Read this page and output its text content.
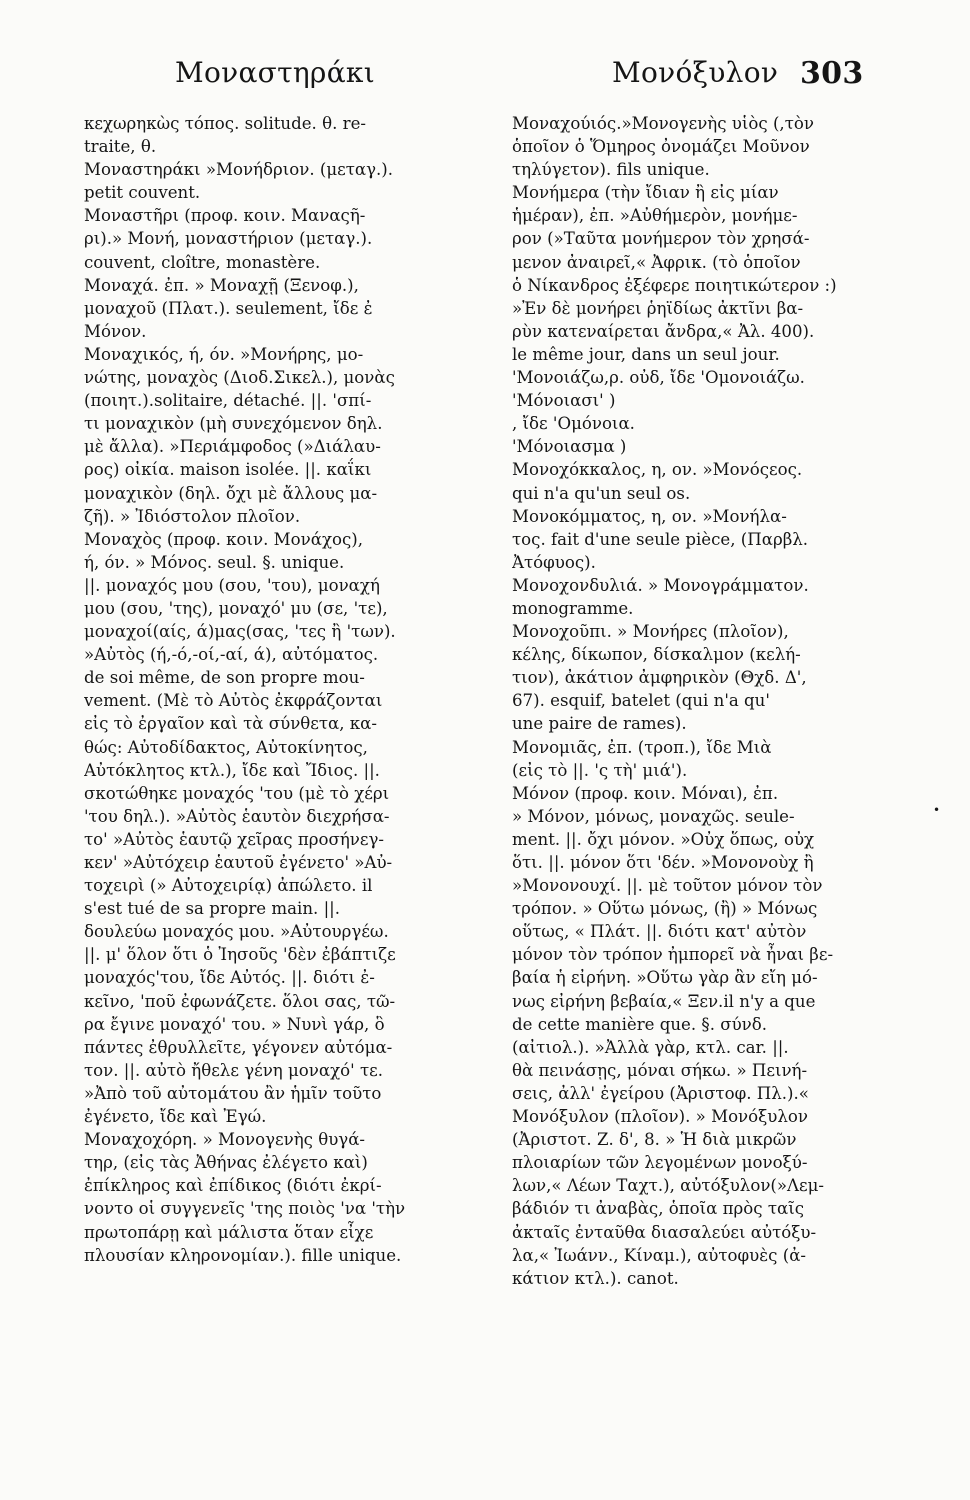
Μοναστηράκι	Μονόξυλον 303
κεχωρηκὼς τόπος. solitude. θ. re-
traite, θ.
Μοναστηράκι »Μονήδριον. (μεταγ.).
petit couvent.
Μοναστῆρι (προφ. κοιν. Μαναςῆ-
ρι).» Μονή, μοναστήριον (μεταγ.).
couvent, cloître, monastère.
Μοναχά. ἐπ. » Μοναχῇ (Ξενοφ.),
μοναχοῦ (Πλατ.). seulement, ἴδε ἐ
Μόνον.
Μοναχικός, ή, όν. »Μονήρης, μο-
νώτης, μοναχὸς (Διοδ.Σικελ.), μονὰς
(ποιητ.).solitaire, détaché. ||. 'σπί-
τι μοναχικὸν (μὴ συνεχόμενον δηλ.
μὲ ἄλλα). »Περιάμφοδος (»Διάλαυ-
ρος) οἰκία. maison isolée. ||. καΐκι
μοναχικὸν (δηλ. ὄχι μὲ ἄλλους μα-
ζῆ). » Ἰδιόστολον πλοῖον.
Μοναχὸς (προφ. κοιν. Μονάχος),
ή, όν. » Μόνος. seul. §. unique.
||. μοναχός μου (σου, 'του), μοναχή
μου (σου, 'της), μοναχό' μυ (σε, 'τε),
μοναχοί(αίς, ά)μας(σας, 'τες ἢ 'των).
»Αὐτὸς (ή,-ό,-οί,-αί, ά), αὐτόματος.
de soi même, de son propre mou-
vement. (Μὲ τὸ Αὐτὸς ἐκφράζονται
εἰς τὸ ἐργαῖον καὶ τὰ σύνθετα, κα-
θώς: Αὐτοδίδακτος, Αὐτοκίνητος,
Αὐτόκλητος κτλ.), ἴδε καὶ Ἴδιος. ||.
σκοτώθηκε μοναχός 'του (μὲ τὸ χέρι
'του δηλ.). »Αὐτὸς ἑαυτὸν διεχρήσα-
το' »Αὐτὸς ἑαυτῷ χεῖρας προσήνεγ-
κεν' »Αὐτόχειρ ἑαυτοῦ ἐγένετο' »Αὐ-
τοχειρὶ (» Αὐτοχειρίᾳ) ἀπώλετο. il
s'est tué de sa propre main. ||.
δουλεύω μοναχός μου. »Αὐτουργέω.
||. μ' ὅλον ὅτι ὁ Ἰησοῦς 'δὲν ἐβάπτιζε
μοναχός'του, ἴδε Αὐτός. ||. διότι ἐ-
κεῖνο, 'ποῦ ἐφωνάζετε. ὅλοι σας, τῶ-
ρα ἔγινε μοναχό' του. » Νυνὶ γάρ, ὃ
πάντες ἐθρυλλεῖτε, γέγονεν αὐτόμα-
τον. ||. αὐτὸ ἤθελε γένη μοναχό' τε.
»Ἀπὸ τοῦ αὐτομάτου ἂν ἡμῖν τοῦτο
ἐγένετο, ἴδε καὶ Ἐγώ.
Μοναχοχόρη. » Μονογενὴς θυγά-
τηρ, (εἰς τὰς Ἀθήνας ἐλέγετο καὶ)
ἐπίκληρος καὶ ἐπίδικος (διότι ἐκρί-
νοντο οἱ συγγενεῖς 'της ποιὸς 'να 'τὴν
πρωτοπάρῃ καὶ μάλιστα ὅταν εἶχε
πλουσίαν κληρονομίαν.). fille unique.
Μοναχούιός.»Μονογενὴς υἱὸς (,τὸν
ὁποῖον ὁ Ὅμηρος ὀνομάζει Μοῦνον
τηλύγετον). fils unique.
Μονήμερα (τὴν ἴδιαν ἢ εἰς μίαν
ἡμέραν), ἐπ. »Αὐθήμερὸν, μονήμε-
ρον (»Ταῦτα μονήμερον τὸν χρησά-
μενον ἀναιρεῖ,« Ἀφρικ. (τὸ ὁποῖον
ὁ Νίκανδρος ἐξέφερε ποιητικώτερον :)
»Ἐν δὲ μονήρει ῥηϊδίως ἀκτῖνι βα-
ρὺν κατεναίρεται ἄνδρα,« Ἀλ. 400).
le même jour, dans un seul jour.
'Μονοιάζω,ρ. οὐδ, ἴδε 'Ομονοιάζω.
'Μόνοιασι' )
, ἴδε 'Ομόνοια.
'Μόνοιασμα )
Μονοχόκκαλος, η, ον. »Μονόςεος.
qui n'a qu'un seul os.
Μονοκόμματος, η, ον. »Μονήλα-
τος. fait d'une seule pièce, (Παρβλ.
Ἀτόφυος).
Μονοχονδυλιά. » Μονογράμματον.
monogramme.
Μονοχοῦπι. » Μονήρες (πλοῖον),
κέλης, δίκωπον, δίσκαλμον (κελή-
τιον), ἀκάτιον ἀμφηρικὸν (Θχδ. Δ',
67). esquif, batelet (qui n'a qu'
une paire de rames).
Μονομιᾶς, ἐπ. (τροπ.), ἴδε Μιὰ
(εἰς τὸ ||. 'ς τὴ' μιά').
Μόνον (προφ. κοιν. Μόναι), ἐπ.
» Μόνον, μόνως, μοναχῶς. seule-
ment. ||. ὄχι μόνον. »Οὐχ ὅπως, οὐχ
ὅτι. ||. μόνον ὅτι 'δέν. »Μονονοὺχ ἢ
»Μονονουχί. ||. μὲ τοῦτον μόνον τὸν
τρόπον. » Οὕτω μόνως, (ἢ) » Μόνως
οὕτως, « Πλάτ. ||. διότι κατ' αὐτὸν
μόνον τὸν τρόπον ἠμπορεῖ νὰ ἦναι βε-
βαία ἡ εἰρήνη. »Οὕτω γὰρ ἂν εἴη μό-
νως εἰρήνη βεβαία,« Ξεν.il n'y a que
de cette manière que. §. σύνδ.
(αἰτιολ.). »Ἀλλὰ γὰρ, κτλ. car. ||.
θὰ πεινάσῃς, μόναι σήκω. » Πεινή-
σεις, ἀλλ' ἐγείρου (Ἀριστοφ. Πλ.).«
Μονόξυλον (πλοῖον). » Μονόξυλον
(Ἀριστοτ. Ζ. δ', 8. » Ἡ διὰ μικρῶν
πλοιαρίων τῶν λεγομένων μονοξύ-
λων,« Λέων Ταχτ.), αὐτόξυλον(»Λεμ-
βάδιόν τι ἀναβὰς, ὁποῖα πρὸς ταῖς
ἀκταῖς ἐνταῦθα διασαλεύει αὐτόξυ-
λα,« Ἰωάνν., Κίναμ.), αὐτοφυὲς (ἀ-
κάτιον κτλ.). canot.
•
